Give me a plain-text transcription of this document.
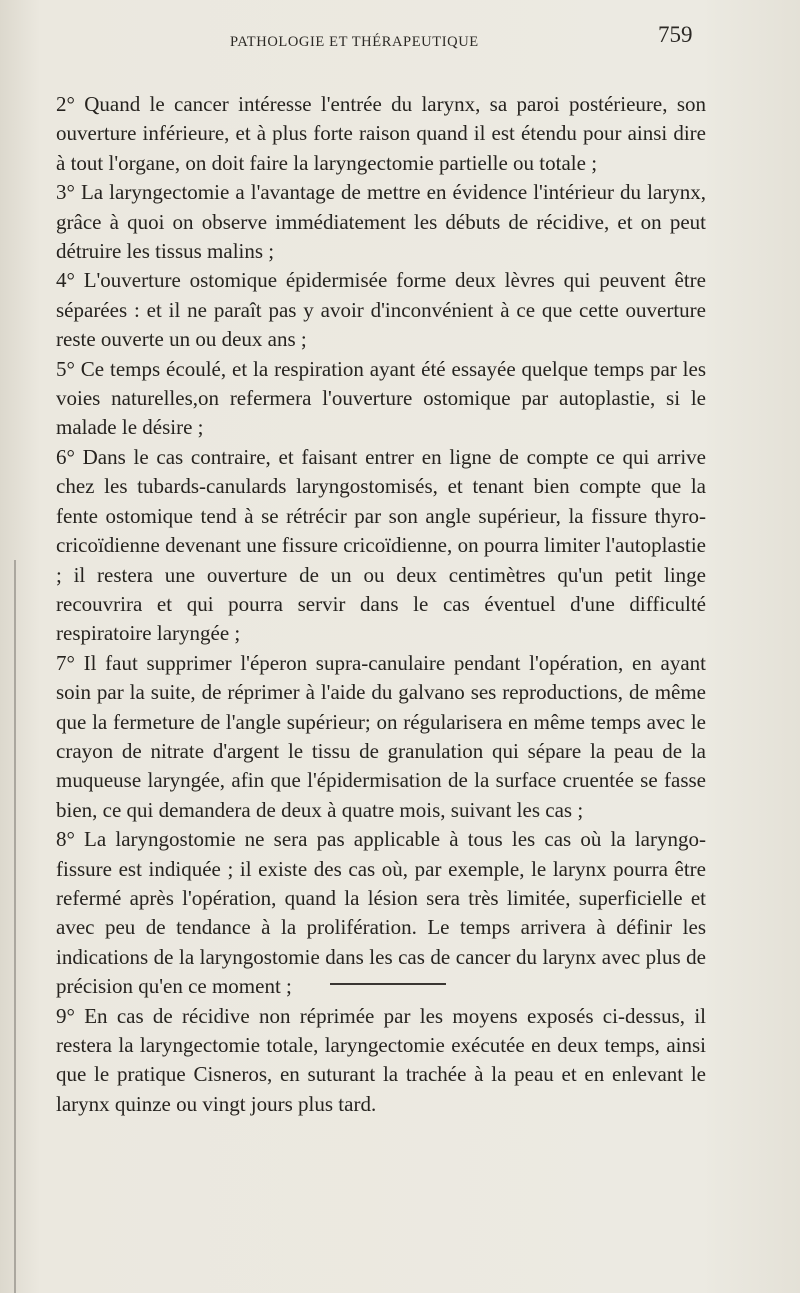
PATHOLOGIE ET THÉRAPEUTIQUE	759

2° Quand le cancer intéresse l'entrée du larynx, sa paroi postérieure, son ouverture inférieure, et à plus forte raison quand il est étendu pour ainsi dire à tout l'organe, on doit faire la laryngectomie partielle ou totale ;

3° La laryngectomie a l'avantage de mettre en évidence l'intérieur du larynx, grâce à quoi on observe immédiatement les débuts de récidive, et on peut détruire les tissus malins ;

4° L'ouverture ostomique épidermisée forme deux lèvres qui peuvent être séparées : et il ne paraît pas y avoir d'inconvénient à ce que cette ouverture reste ouverte un ou deux ans ;

5° Ce temps écoulé, et la respiration ayant été essayée quelque temps par les voies naturelles,on refermera l'ouverture ostomique par autoplastie, si le malade le désire ;

6° Dans le cas contraire, et faisant entrer en ligne de compte ce qui arrive chez les tubards-canulards laryngostomisés, et tenant bien compte que la fente ostomique tend à se rétrécir par son angle supérieur, la fissure thyro-cricoïdienne devenant une fissure cricoïdienne, on pourra limiter l'autoplastie ; il restera une ouverture de un ou deux centimètres qu'un petit linge recouvrira et qui pourra servir dans le cas éventuel d'une difficulté respiratoire laryngée ;

7° Il faut supprimer l'éperon supra-canulaire pendant l'opération, en ayant soin par la suite, de réprimer à l'aide du galvano ses reproductions, de même que la fermeture de l'angle supérieur; on régularisera en même temps avec le crayon de nitrate d'argent le tissu de granulation qui sépare la peau de la muqueuse laryngée, afin que l'épidermisation de la surface cruentée se fasse bien, ce qui demandera de deux à quatre mois, suivant les cas ;

8° La laryngostomie ne sera pas applicable à tous les cas où la laryngo-fissure est indiquée ; il existe des cas où, par exemple, le larynx pourra être refermé après l'opération, quand la lésion sera très limitée, superficielle et avec peu de tendance à la prolifération. Le temps arrivera à définir les indications de la laryngostomie dans les cas de cancer du larynx avec plus de précision qu'en ce moment ;

9° En cas de récidive non réprimée par les moyens exposés ci-dessus, il restera la laryngectomie totale, laryngectomie exécutée en deux temps, ainsi que le pratique Cisneros, en suturant la trachée à la peau et en enlevant le larynx quinze ou vingt jours plus tard.
